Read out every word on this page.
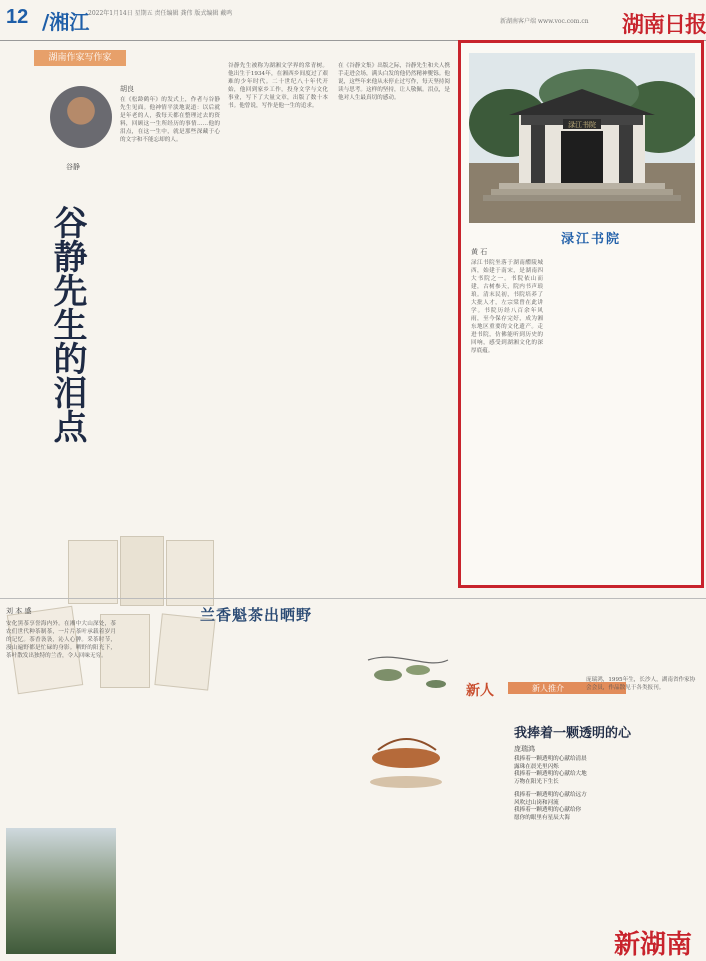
12 /湘江
2022年1月14日 星期五 责任编辑 龚伟 版式编辑 戴鸣
新湖南客户端 www.voc.com.cn 湖南日报
湖南作家写作家
胡良
谷静
谷静先生的泪点
在《松龄鹤年》的发式上，作者与谷静先生见面。他神情平淡地说道：以后就是年老的人，我每天都在整理过去的资料，回顾这一生所经历的事情……他的泪点，在这一生中，就是那些深藏于心的文字和不能忘却的人。
谷静先生被称为湖湘文学界的常青树。他出生于1934年，在湘西乡间度过了艰难的少年时代。二十世纪八十年代开始，他回到家乡工作，投身文学与文化事业，写下了大量文章，出版了数十本书。他曾说，写作是他一生的追求。
在《谷静文集》出版之际，谷静先生和夫人携手走进会场，满头白发的他仍然精神矍铄。他说，这些年来他从未停止过写作，每天坚持阅读与思考。这样的坚持，让人敬佩。泪点，是他对人生最真切的感动。
渌江书院
渌江书院
黄 石
渌江书院坐落于湖南醴陵城西，始建于南宋，是湖南四大书院之一。书院依山而建，古树参天，院内书声琅琅。清末民初，书院培养了大批人才，左宗棠曾在此讲学。书院历经八百余年风雨，至今保存完好，成为湘东地区重要的文化遗产。走进书院，仿佛能听到历史的回响，感受到湖湘文化的深厚底蕴。
刘 本 盛	兰香魁茶出晒野
安化黑茶享誉海内外。在湘中大山深处，茶农们世代种茶制茶，一片片茶叶承载着岁月的记忆。茶香袅袅，沁人心脾。采茶时节，漫山遍野都是忙碌的身影。晒野的阳光下，茶叶散发出独特的兰香，令人回味无穷。
新人	新人推介
庞瑞鸿，1995年生，长沙人，湖南省作家协会会员，作品散见于各类报刊。
我捧着一颗透明的心
庞瑞鸿
我捧着一颗透明的心献给清晨
露珠在晨光里闪烁
我捧着一颗透明的心献给大地
万物在阳光下生长
我捧着一颗透明的心献给远方
风吹过山岗和河流
我捧着一颗透明的心献给你
愿你的眼里有星辰大海
新湖南
